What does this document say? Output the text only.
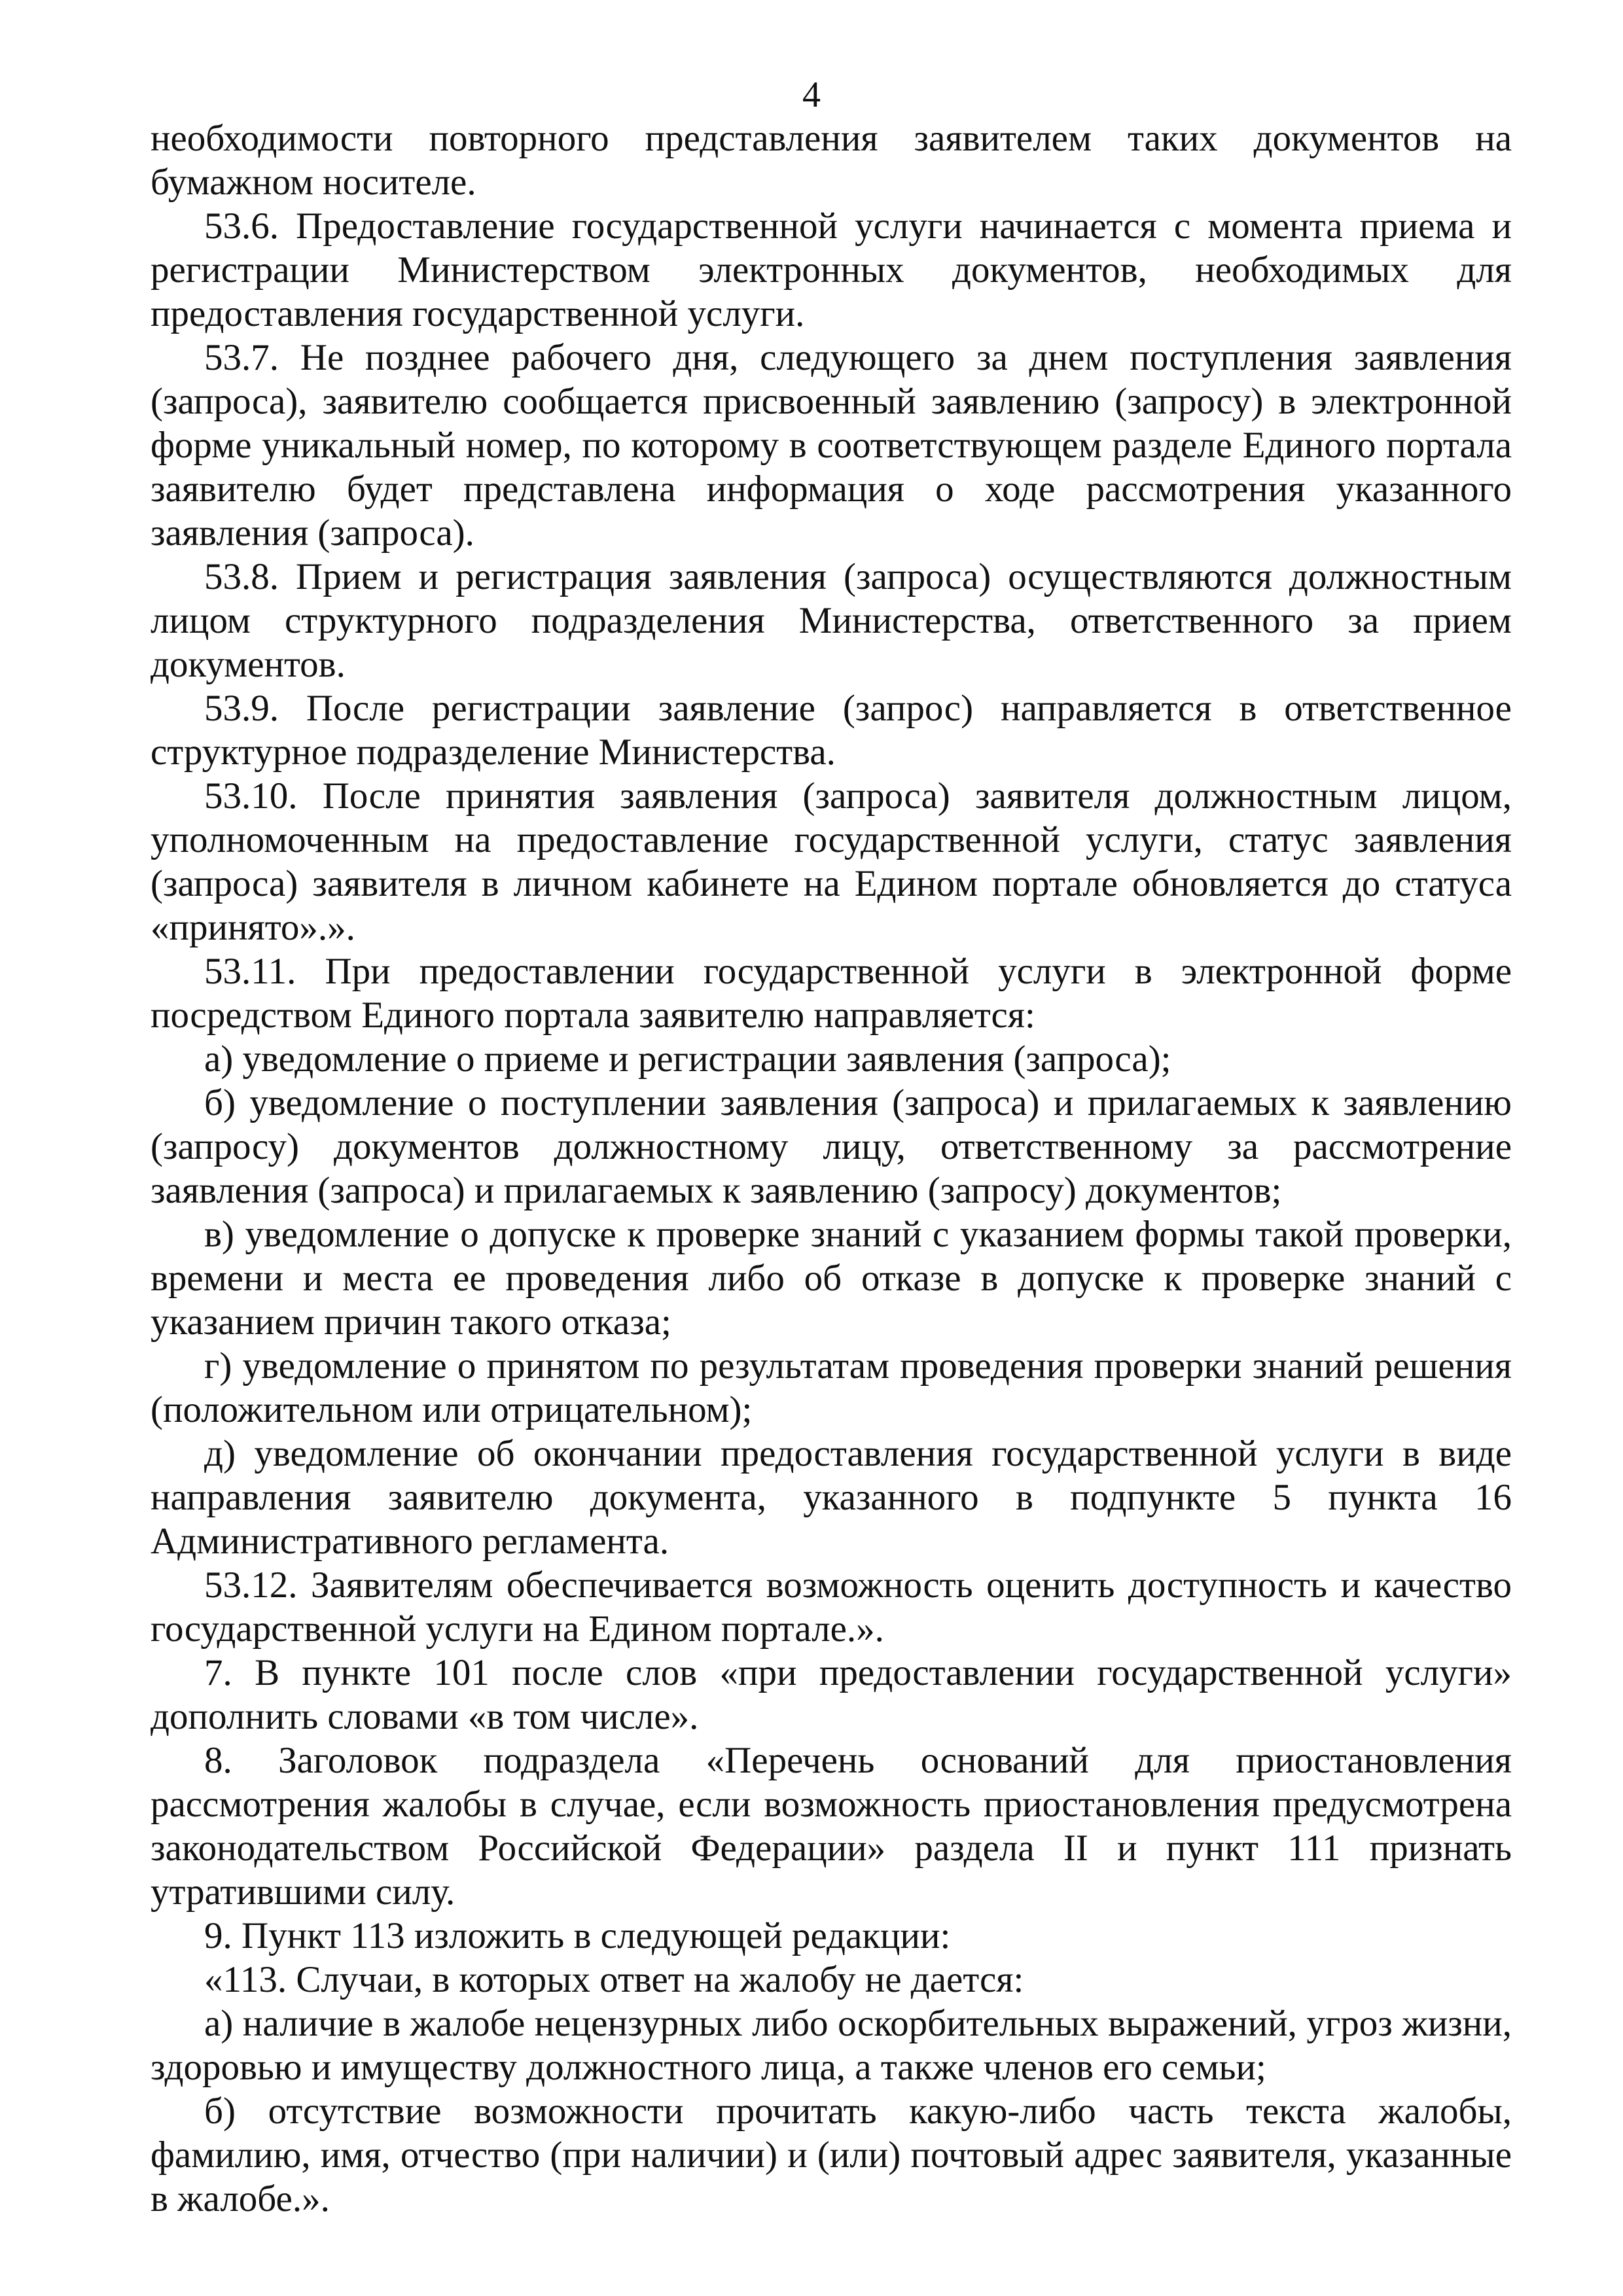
4

необходимости повторного представления заявителем таких документов на бумажном носителе.

53.6. Предоставление государственной услуги начинается с момента приема и регистрации Министерством электронных документов, необходимых для предоставления государственной услуги.

53.7. Не позднее рабочего дня, следующего за днем поступления заявления (запроса), заявителю сообщается присвоенный заявлению (запросу) в электронной форме уникальный номер, по которому в соответствующем разделе Единого портала заявителю будет представлена информация о ходе рассмотрения указанного заявления (запроса).

53.8. Прием и регистрация заявления (запроса) осуществляются должностным лицом структурного подразделения Министерства, ответственного за прием документов.

53.9. После регистрации заявление (запрос) направляется в ответственное структурное подразделение Министерства.

53.10. После принятия заявления (запроса) заявителя должностным лицом, уполномоченным на предоставление государственной услуги, статус заявления (запроса) заявителя в личном кабинете на Едином портале обновляется до статуса «принято».».

53.11. При предоставлении государственной услуги в электронной форме посредством Единого портала заявителю направляется:

а) уведомление о приеме и регистрации заявления (запроса);

б) уведомление о поступлении заявления (запроса) и прилагаемых к заявлению (запросу) документов должностному лицу, ответственному за рассмотрение заявления (запроса) и прилагаемых к заявлению (запросу) документов;

в) уведомление о допуске к проверке знаний с указанием формы такой проверки, времени и места ее проведения либо об отказе в допуске к проверке знаний с указанием причин такого отказа;

г) уведомление о принятом по результатам проведения проверки знаний решения (положительном или отрицательном);

д) уведомление об окончании предоставления государственной услуги в виде направления заявителю документа, указанного в подпункте 5 пункта 16 Административного регламента.

53.12. Заявителям обеспечивается возможность оценить доступность и качество государственной услуги на Едином портале.».

7. В пункте 101 после слов «при предоставлении государственной услуги» дополнить словами «в том числе».

8. Заголовок подраздела «Перечень оснований для приостановления рассмотрения жалобы в случае, если возможность приостановления предусмотрена законодательством Российской Федерации» раздела II и пункт 111 признать утратившими силу.

9. Пункт 113 изложить в следующей редакции:

«113. Случаи, в которых ответ на жалобу не дается:

а) наличие в жалобе нецензурных либо оскорбительных выражений, угроз жизни, здоровью и имуществу должностного лица, а также членов его семьи;

б) отсутствие возможности прочитать какую-либо часть текста жалобы, фамилию, имя, отчество (при наличии) и (или) почтовый адрес заявителя, указанные в жалобе.».
